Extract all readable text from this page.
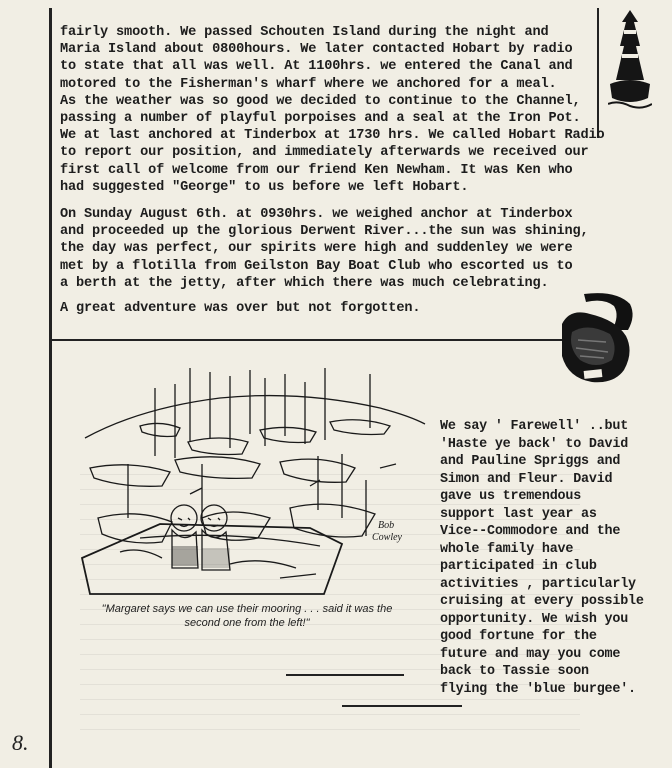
fairly smooth. We passed Schouten Island during the night and
Maria Island about 0800hours. We later contacted Hobart by radio
to state that all was well. At 1100hrs. we entered the Canal and
motored to the Fisherman's wharf where we anchored for a meal.
As the weather was so good we decided to continue to the Channel,
passing a number of playful porpoises and a seal at the Iron Pot.
We at last anchored at Tinderbox at 1730 hrs. We called Hobart Radio
to report our position, and immediately afterwards we received our
first call of welcome from our friend Ken Newham. It was Ken who
had suggested "George" to us before we left Hobart.

On Sunday August 6th. at 0930hrs. we weighed anchor at Tinderbox
and proceeded up the glorious Derwent River...the sun was shining,
the day was perfect, our spirits were high and suddenley we were
met by a flotilla from Geilston Bay Boat Club who escorted us to
a berth at the jetty, after which there was much celebrating.

A great adventure was over but not forgotten.

Bob
Cowley
"Margaret says we can use their mooring . . . said it was the
second one from the left!"

We say ' Farewell' ..but
'Haste ye back' to David
and Pauline Spriggs and
Simon and Fleur. David
gave us tremendous
support last year as
Vice--Commodore and the
whole family have
participated in club
activities , particularly
cruising at every possible
opportunity. We wish you
good fortune for the
future and may you come
back to Tassie soon
flying the 'blue burgee'.

8.
